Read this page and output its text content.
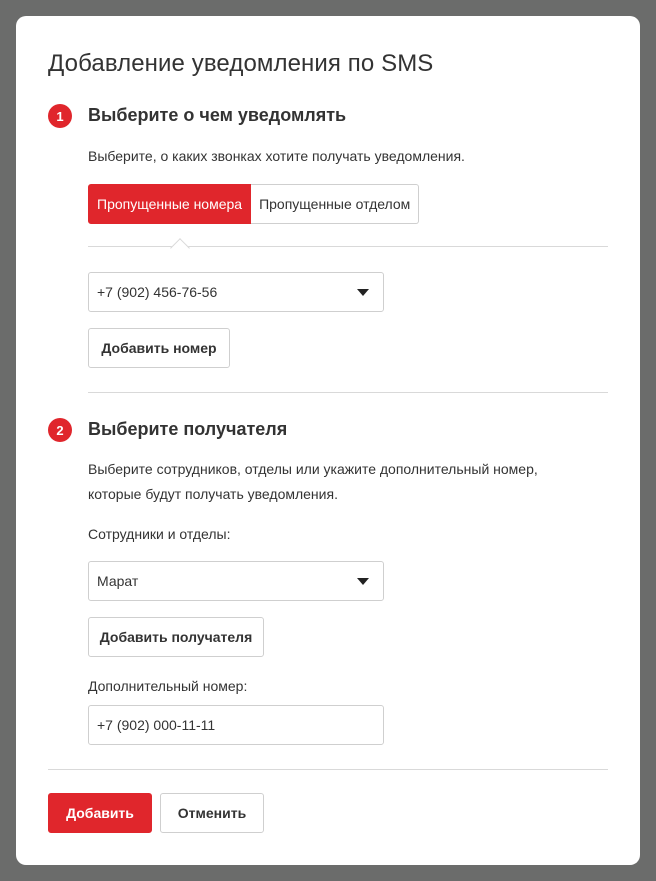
Добавление уведомления по SMS
1	Выберите о чем уведомлять
Выберите, о каких звонках хотите получать уведомления.
Пропущенные номера	Пропущенные отделом
+7 (902) 456-76-56
Добавить номер
2	Выберите получателя
Выберите сотрудников, отделы или укажите дополнительный номер,
которые будут получать уведомления.
Сотрудники и отделы:
Марат
Добавить получателя
Дополнительный номер:
+7 (902) 000-11-11
Добавить	Отменить
